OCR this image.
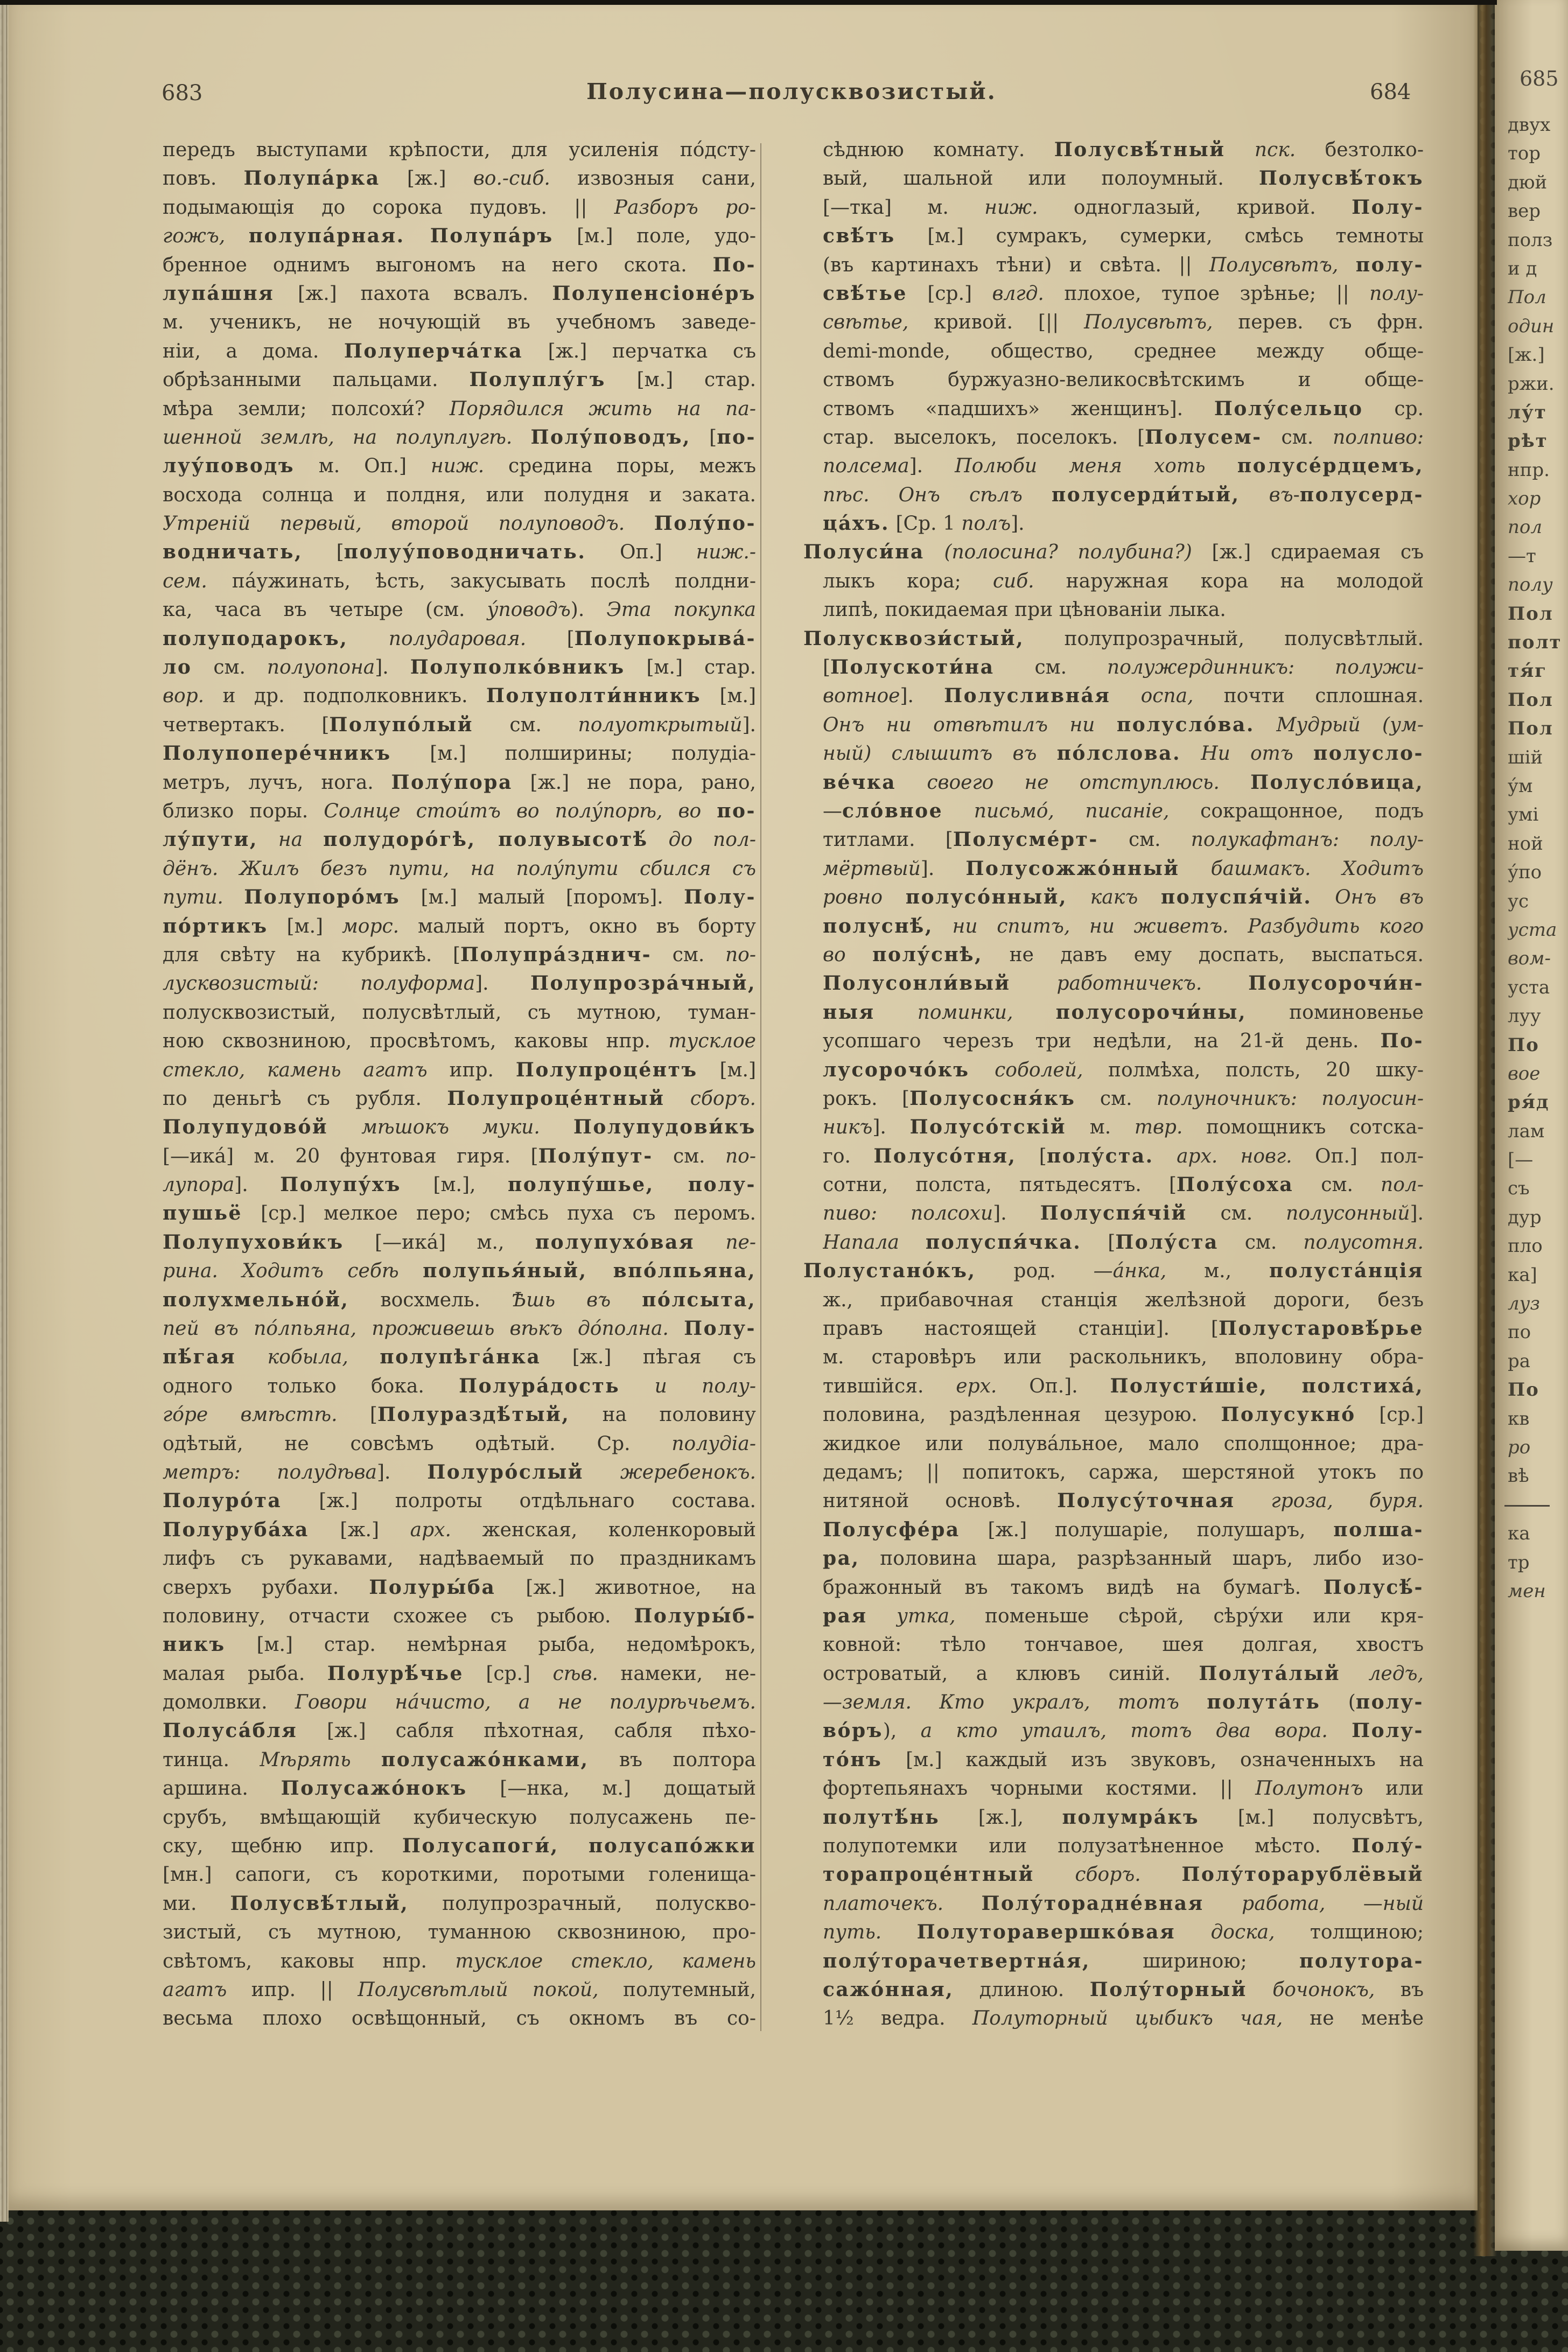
683	Полусина—полусквозистый.	684
передъ выступами крѣпости, для усиленія по́дсту-
повъ. Полупа́рка [ж.] во.-сиб. извозныя сани,
подымающія до сорока пудовъ. || Разборъ ро-
гожъ, полупа́рная. Полупа́ръ [м.] поле, удо-
бренное однимъ выгономъ на него скота. По-
лупа́шня [ж.] пахота всвалъ. Полупенсіоне́ръ
м. ученикъ, не ночующій въ учебномъ заведе-
ніи, а дома. Полуперча́тка [ж.] перчатка съ
обрѣзанными пальцами. Полуплу́гъ [м.] стар.
мѣра земли; полсохи́? Порядился жить на па-
шенной землѣ, на полуплугѣ. Полу́поводъ, [по-
луу́поводъ м. Оп.] ниж. средина поры, межъ
восхода солнца и полдня, или полудня и заката.
Утреній первый, второй полуповодъ. Полу́по-
водничать, [полуу́поводничать. Оп.] ниж.-
сем. па́ужинать, ѣсть, закусывать послѣ полдни-
ка, часа въ четыре (см. у́поводъ). Эта покупка
полуподарокъ, полударовая. [Полупокрыва́-
ло см. полуопона]. Полуполко́вникъ [м.] стар.
вор. и др. подполковникъ. Полуполти́нникъ [м.]
четвертакъ. [Полупо́лый см. полуоткрытый].
Полупопере́чникъ [м.] полширины; полудіа-
метръ, лучъ, нога. Полу́пора [ж.] не пора, рано,
близко поры. Солнце стои́тъ во полу́порѣ, во по-
лу́пути, на полудоро́гѣ, полувысотѣ́ до пол-
дёнъ. Жилъ безъ пути, на полу́пути сбился съ
пути. Полупоро́мъ [м.] малый [поромъ]. Полу-
по́ртикъ [м.] морс. малый портъ, окно въ борту
для свѣту на кубрикѣ. [Полупра́зднич- см. по-
лусквозистый: полуформа]. Полупрозра́чный,
полусквозистый, полусвѣтлый, съ мутною, туман-
ною сквозниною, просвѣтомъ, каковы нпр. тусклое
стекло, камень агатъ ипр. Полупроце́нтъ [м.]
по деньгѣ съ рубля. Полупроце́нтный сборъ.
Полупудово́й мѣшокъ муки. Полупудови́къ
[—ика́] м. 20 фунтовая гиря. [Полу́пут- см. по-
лупора]. Полупу́хъ [м.], полупу́шье, полу-
пушьё [ср.] мелкое перо; смѣсь пуха съ перомъ.
Полупухови́къ [—ика́] м., полупухо́вая пе-
рина. Ходитъ себѣ полупья́ный, впо́лпьяна,
полухмельно́й, восхмель. Ѣшь въ по́лсыта,
пей въ по́лпьяна, проживешь вѣкъ до́полна. Полу-
пѣ́гая кобыла, полупѣга́нка [ж.] пѣгая съ
одного только бока. Полура́дость и полу-
го́ре вмѣстѣ. [Полураздѣ́тый, на половину
одѣтый, не совсѣмъ одѣтый. Ср. полудіа-
метръ: полудѣва]. Полуро́слый жеребенокъ.
Полуро́та [ж.] полроты отдѣльнаго состава.
Полуруба́ха [ж.] арх. женская, коленкоровый
лифъ съ рукавами, надѣваемый по праздникамъ
сверхъ рубахи. Полуры́ба [ж.] животное, на
половину, отчасти схожее съ рыбою. Полуры́б-
никъ [м.] стар. немѣрная рыба, недомѣрокъ,
малая рыба. Полурѣ́чье [ср.] сѣв. намеки, не-
домолвки. Говори на́чисто, а не полурѣчьемъ.
Полуса́бля [ж.] сабля пѣхотная, сабля пѣхо-
тинца. Мѣрять полусажо́нками, въ полтора
аршина. Полусажо́нокъ [—нка, м.] дощатый
срубъ, вмѣщающій кубическую полусажень пе-
ску, щебню ипр. Полусапоги́, полусапо́жки
[мн.] сапоги, съ короткими, поротыми голенища-
ми. Полусвѣ́тлый, полупрозрачный, полускво-
зистый, съ мутною, туманною сквозниною, про-
свѣтомъ, каковы нпр. тусклое стекло, камень
агатъ ипр. || Полусвѣтлый покой, полутемный,
весьма плохо освѣщонный, съ окномъ въ со-
сѣднюю комнату. Полусвѣ́тный пск. безтолко-
вый, шальной или полоумный. Полусвѣ́токъ
[—тка] м. ниж. одноглазый, кривой. Полу-
свѣ́тъ [м.] сумракъ, сумерки, смѣсь темноты
(въ картинахъ тѣни) и свѣта. || Полусвѣтъ, полу-
свѣ́тье [ср.] влгд. плохое, тупое зрѣнье; || полу-
свѣтье, кривой. [|| Полусвѣтъ, перев. съ фрн.
demi-monde, общество, среднее между обще-
ствомъ буржуазно-великосвѣтскимъ и обще-
ствомъ «падшихъ» женщинъ]. Полу́сельцо ср.
стар. выселокъ, поселокъ. [Полусем- см. полпиво:
полсема]. Полюби меня хоть полусе́рдцемъ,
пѣс. Онъ сѣлъ полусерди́тый, въ-полусерд-
ца́хъ. [Ср. 1 полъ].
Полуси́на (полосина? полубина?) [ж.] сдираемая съ
лыкъ кора; сиб. наружная кора на молодой
липѣ, покидаемая при цѣнованіи лыка.
Полусквози́стый, полупрозрачный, полусвѣтлый.
[Полускоти́на см. полужердинникъ: полужи-
вотное]. Полусливна́я оспа, почти сплошная.
Онъ ни отвѣтилъ ни полусло́ва. Мудрый (ум-
ный) слышитъ въ по́лслова. Ни отъ полусло-
ве́чка своего не отступлюсь. Полусло́вица,
—сло́вное письмо́, писаніе, сокращонное, подъ
титлами. [Полусме́рт- см. полукафтанъ: полу-
мёртвый]. Полусожжо́нный башмакъ. Ходитъ
ровно полусо́нный, какъ полуспя́чій. Онъ въ
полуснѣ́, ни спитъ, ни живетъ. Разбудить кого
во полу́снѣ, не давъ ему доспать, выспаться.
Полусонли́вый работничекъ. Полусорочи́н-
ныя поминки, полусорочи́ны, поминовенье
усопшаго черезъ три недѣли, на 21-й день. По-
лусорочо́къ соболей, полмѣха, полсть, 20 шку-
рокъ. [Полусосня́къ см. полуночникъ: полуосин-
никъ]. Полусо́тскій м. твр. помощникъ сотска-
го. Полусо́тня, [полу́ста. арх. новг. Оп.] пол-
сотни, полста, пятьдесятъ. [Полу́соха см. пол-
пиво: полсохи]. Полуспя́чій см. полусонный].
Напала полуспя́чка. [Полу́ста см. полусотня.
Полустано́къ, род. —а́нка, м., полуста́нція
ж., прибавочная станція желѣзной дороги, безъ
правъ настоящей станціи]. [Полустаровѣ́рье
м. старовѣръ или раскольникъ, вполовину обра-
тившійся. ерх. Оп.]. Полусти́шіе, полстиха́,
половина, раздѣленная цезурою. Полусукно́ [ср.]
жидкое или полува́льное, мало сполщонное; дра-
дедамъ; || попитокъ, саржа, шерстяной утокъ по
нитяной основѣ. Полусу́точная гроза, буря.
Полусфе́ра [ж.] полушаріе, полушаръ, полша-
ра, половина шара, разрѣзанный шаръ, либо изо-
бражонный въ такомъ видѣ на бумагѣ. Полусѣ́-
рая утка, поменьше сѣрой, сѣру́хи или кря-
ковной: тѣло тончавое, шея долгая, хвостъ
островатый, а клювъ синій. Полута́лый ледъ,
—земля. Кто укралъ, тотъ полута́ть (полу-
во́ръ), а кто утаилъ, тотъ два вора. Полу-
то́нъ [м.] каждый изъ звуковъ, означенныхъ на
фортепьянахъ чорными костями. || Полутонъ или
полутѣ́нь [ж.], полумра́къ [м.] полусвѣтъ,
полупотемки или полузатѣненное мѣсто. Полу́-
торапроце́нтный сборъ. Полу́торарублёвый
платочекъ. Полу́торадне́вная работа, —ный
путь. Полуторавершко́вая доска, толщиною;
полу́торачетвертна́я, шириною; полутора-
сажо́нная, длиною. Полу́торный бочонокъ, въ
1½ ведра. Полуторный цыбикъ чая, не менѣе
685
двух
тор
дюй
вер
полз
и д
Пол
один
[ж.]
ржи.
лу́т
рѣт
нпр.
хор
пол
—т
полу
Пол
полт
тя́г
Пол
Пол
шій
у́м
умі
ной
у́по
ус
уста
вом-
уста
луу
По
вое
ря́д
лам
[—
съ
дур
пло
ка]
луз
по
ра
По
кв
ро
вѣ
ка
тр
мен
